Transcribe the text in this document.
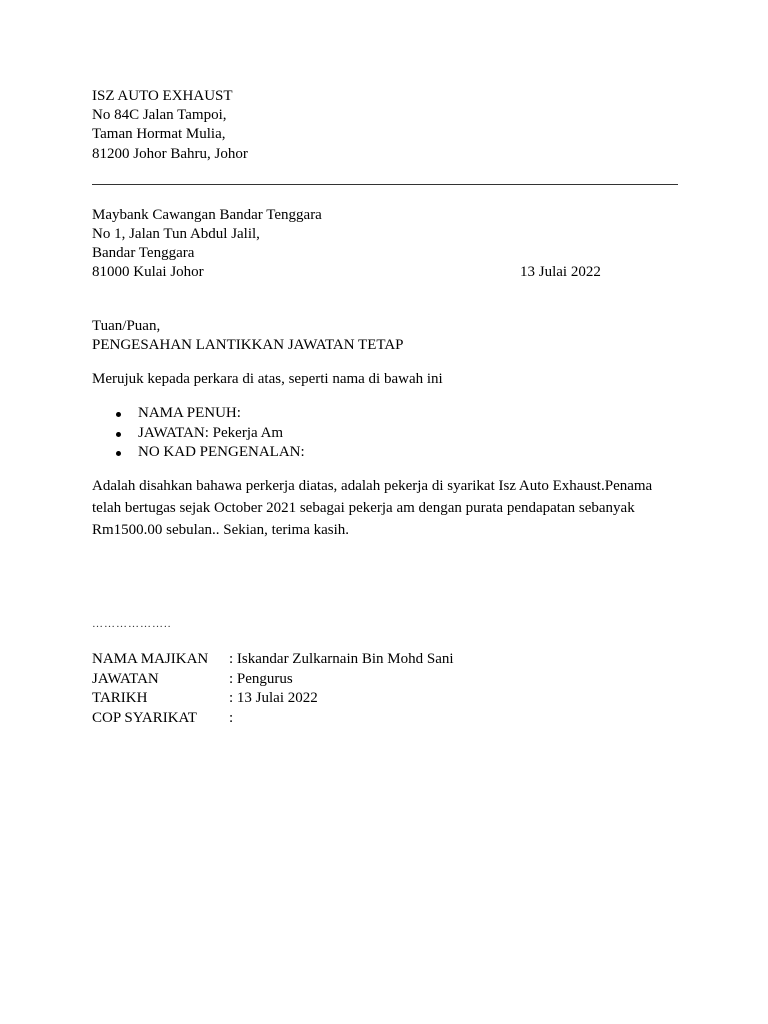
ISZ AUTO EXHAUST
No 84C Jalan Tampoi,
Taman Hormat Mulia,
81200 Johor Bahru, Johor
Maybank Cawangan Bandar Tenggara
No 1, Jalan Tun Abdul Jalil,
Bandar Tenggara
81000 Kulai Johor	13 Julai 2022
Tuan/Puan,
PENGESAHAN LANTIKKAN JAWATAN TETAP
Merujuk kepada perkara di atas, seperti nama di bawah ini
NAMA PENUH:
JAWATAN: Pekerja Am
NO KAD PENGENALAN:
Adalah disahkan bahawa perkerja diatas, adalah pekerja di syarikat Isz Auto Exhaust.Penama
telah bertugas sejak October 2021 sebagai pekerja am dengan purata pendapatan sebanyak
Rm1500.00 sebulan.. Sekian, terima kasih.
………………..
NAMA MAJIKAN	: Iskandar Zulkarnain Bin Mohd Sani
JAWATAN	: Pengurus
TARIKH	: 13 Julai 2022
COP SYARIKAT	:
